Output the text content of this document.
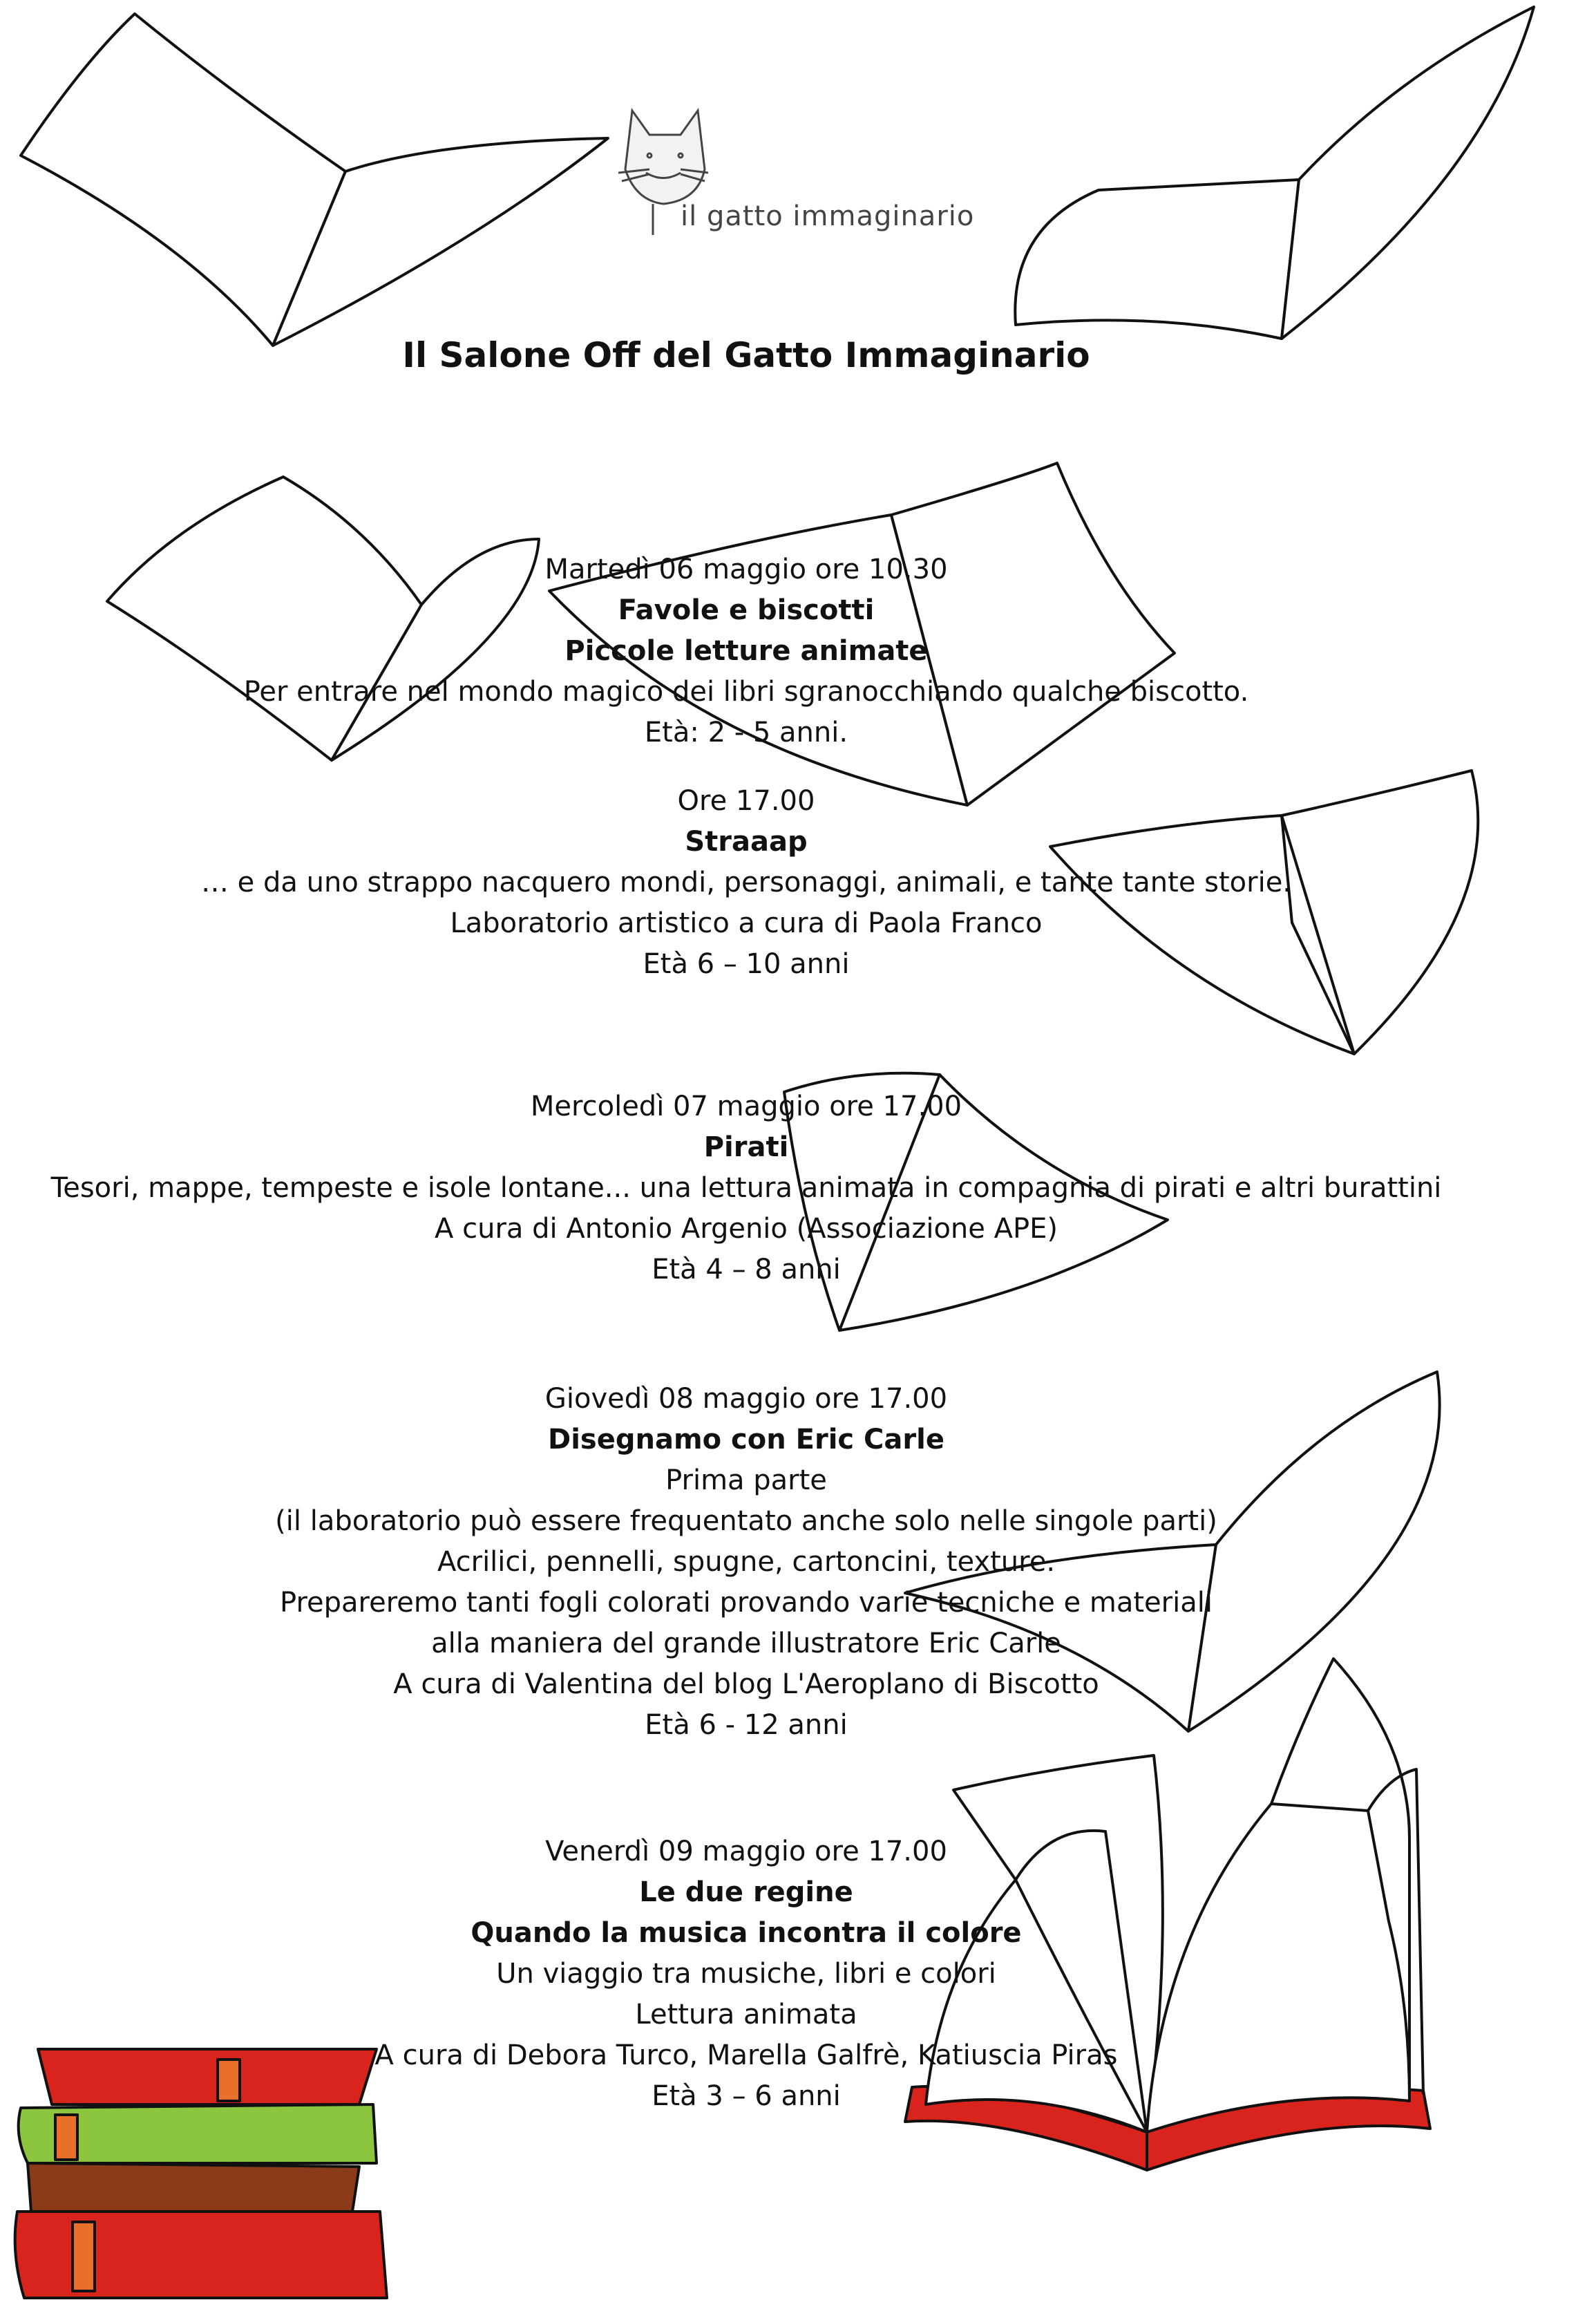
il gatto immaginario
Il Salone Off del Gatto Immaginario
Martedì 06 maggio ore 10.30
Favole e biscotti
Piccole letture animate
Per entrare nel mondo magico dei libri sgranocchiando qualche biscotto.
Età: 2 - 5 anni.
Ore 17.00
Straaap
… e da uno strappo nacquero mondi, personaggi, animali, e tante tante storie.
Laboratorio artistico a cura di Paola Franco
Età 6 – 10 anni
Mercoledì 07 maggio ore 17.00
Pirati
Tesori, mappe, tempeste e isole lontane... una lettura animata in compagnia di pirati e altri burattini
A cura di Antonio Argenio (Associazione APE)
Età 4 – 8 anni
Giovedì 08 maggio ore 17.00
Disegnamo con Eric Carle
Prima parte
(il laboratorio può essere frequentato anche solo nelle singole parti)
Acrilici, pennelli, spugne, cartoncini, texture.
Prepareremo tanti fogli colorati provando varie tecniche e materiali
alla maniera del grande illustratore Eric Carle
A cura di Valentina del blog L'Aeroplano di Biscotto
Età 6 - 12 anni
Venerdì 09 maggio ore 17.00
Le due regine
Quando la musica incontra il colore
Un viaggio tra musiche, libri e colori
Lettura animata
A cura di Debora Turco, Marella Galfrè, Katiuscia Piras
Età 3 – 6 anni
